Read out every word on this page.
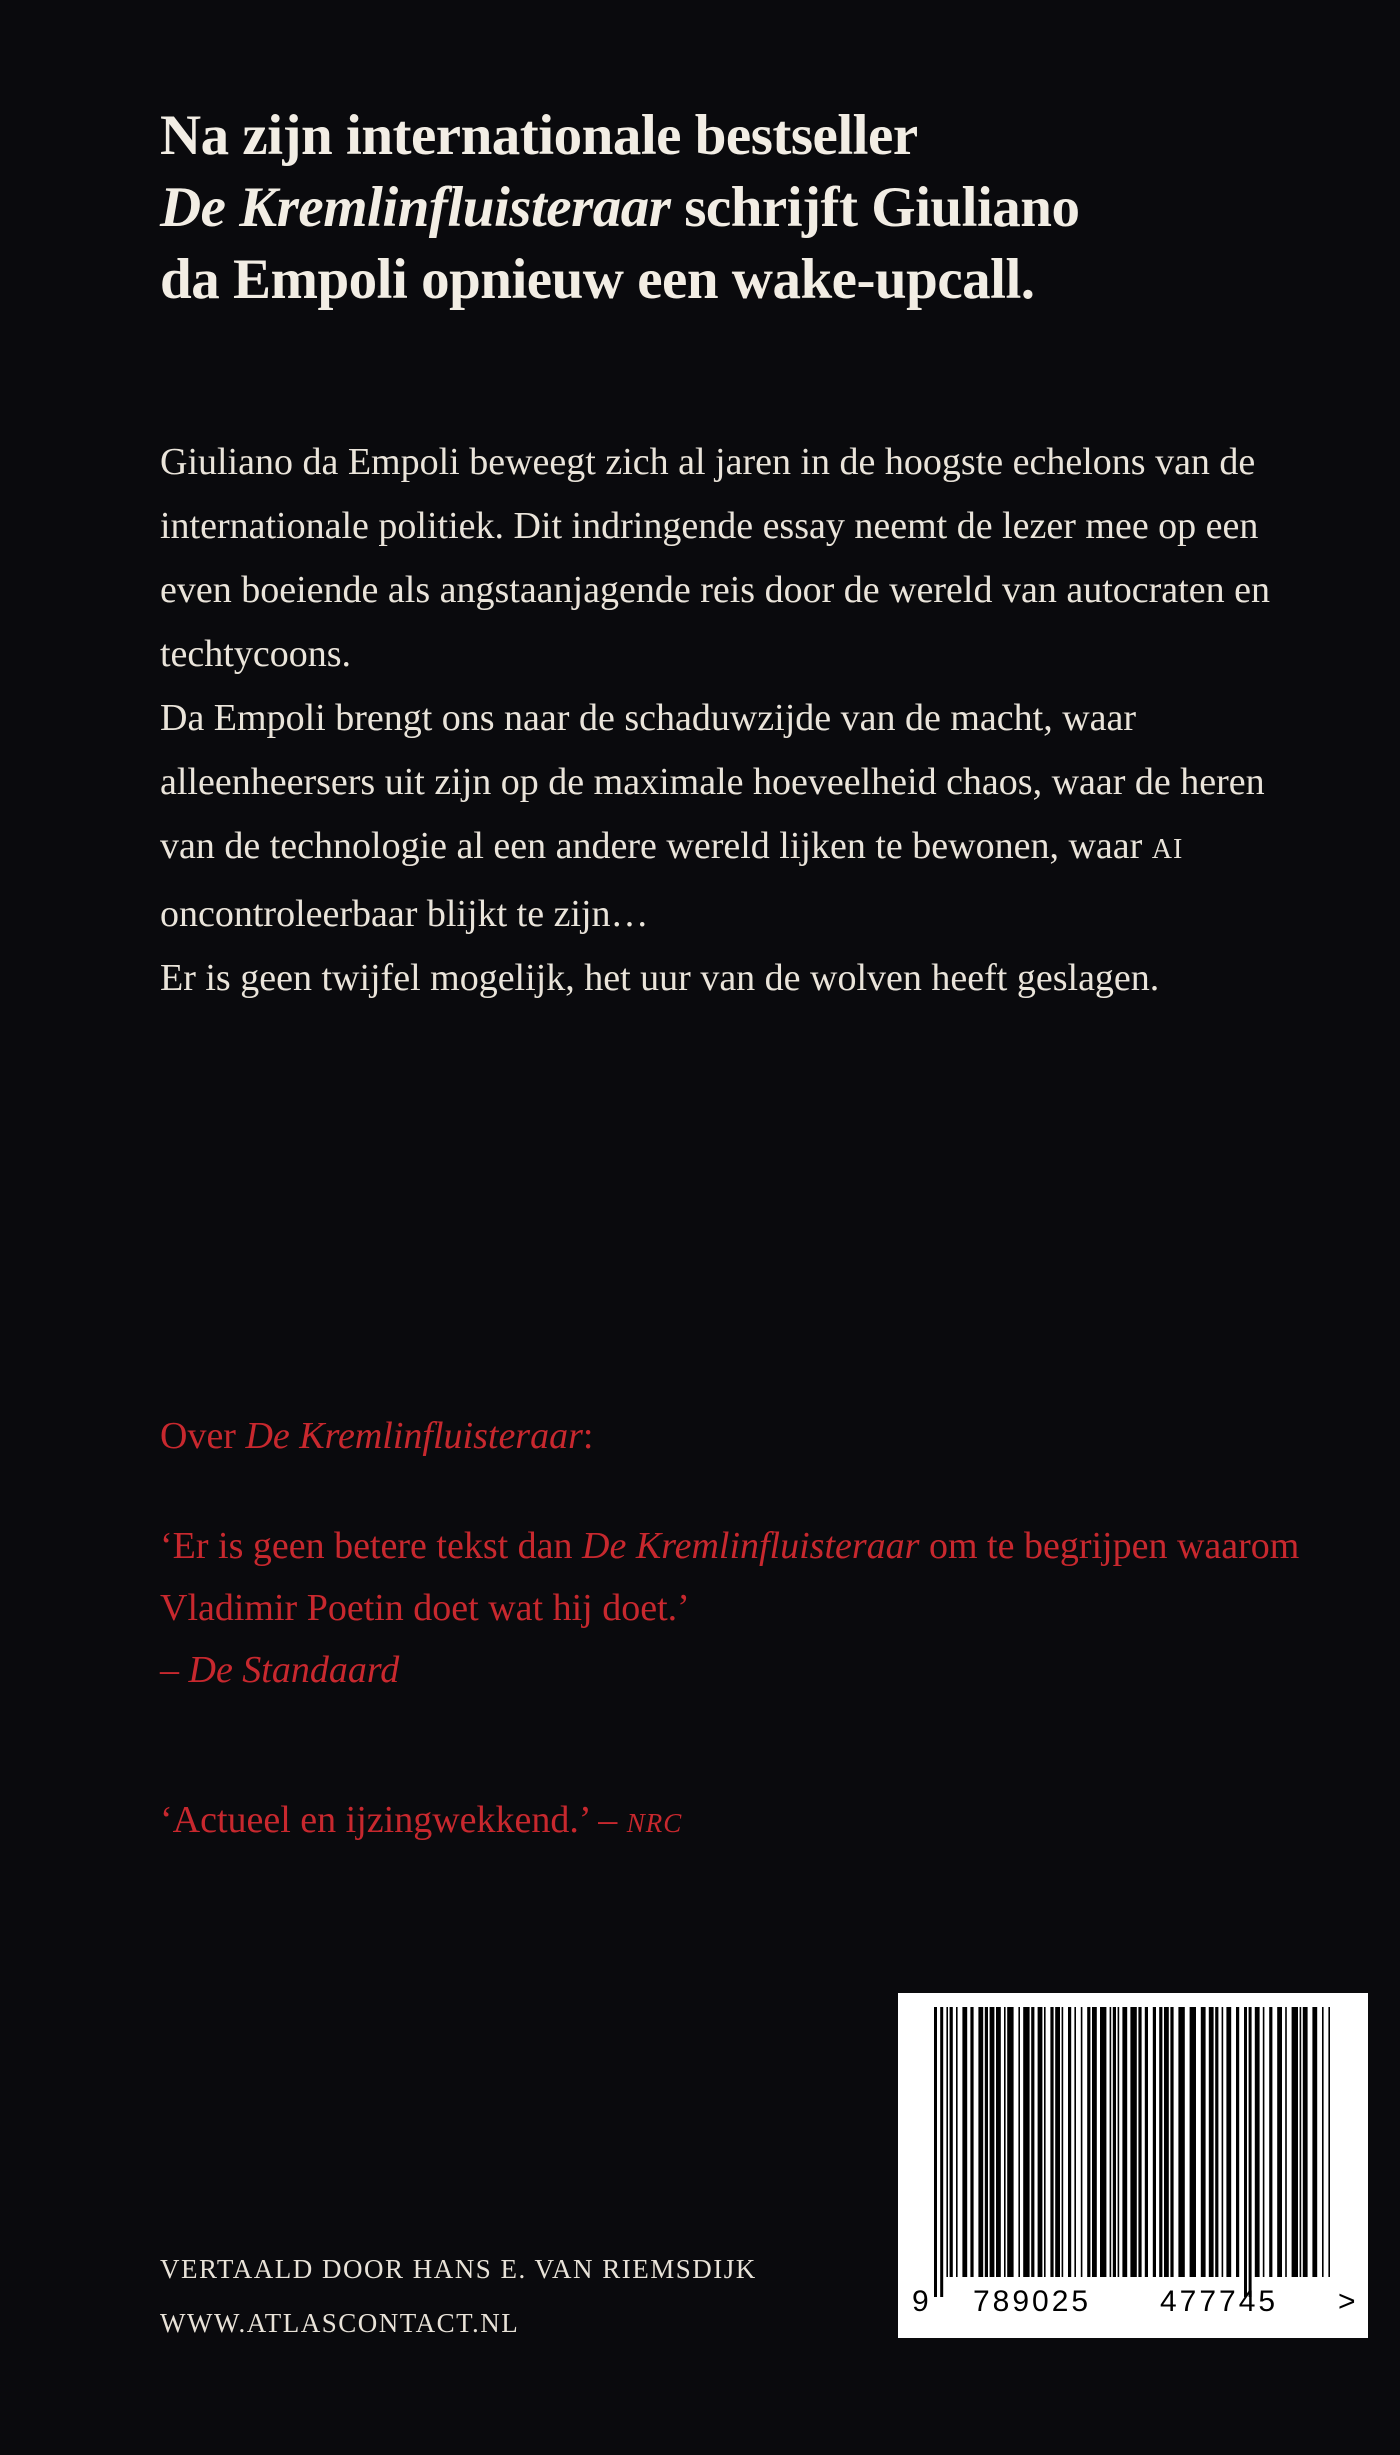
Na zijn internationale bestseller
De Kremlinfluisteraar schrijft Giuliano
da Empoli opnieuw een wake-upcall.

Giuliano da Empoli beweegt zich al jaren in de hoogste echelons van de internationale politiek. Dit indringende essay neemt de lezer mee op een even boeiende als angstaanjagende reis door de wereld van autocraten en techtycoons.

Da Empoli brengt ons naar de schaduwzijde van de macht, waar alleenheersers uit zijn op de maximale hoeveelheid chaos, waar de heren van de technologie al een andere wereld lijken te bewonen, waar AI oncontroleerbaar blijkt te zijn…

Er is geen twijfel mogelijk, het uur van de wolven heeft geslagen.

Over De Kremlinfluisteraar:

‘Er is geen betere tekst dan De Kremlinfluisteraar om te begrijpen waarom Vladimir Poetin doet wat hij doet.’

– De Standaard

‘Actueel en ijzingwekkend.’ – NRC
VERTAALD DOOR HANS E. VAN RIEMSDIJK
WWW.ATLASCONTACT.NL
9 789025 477745 >
